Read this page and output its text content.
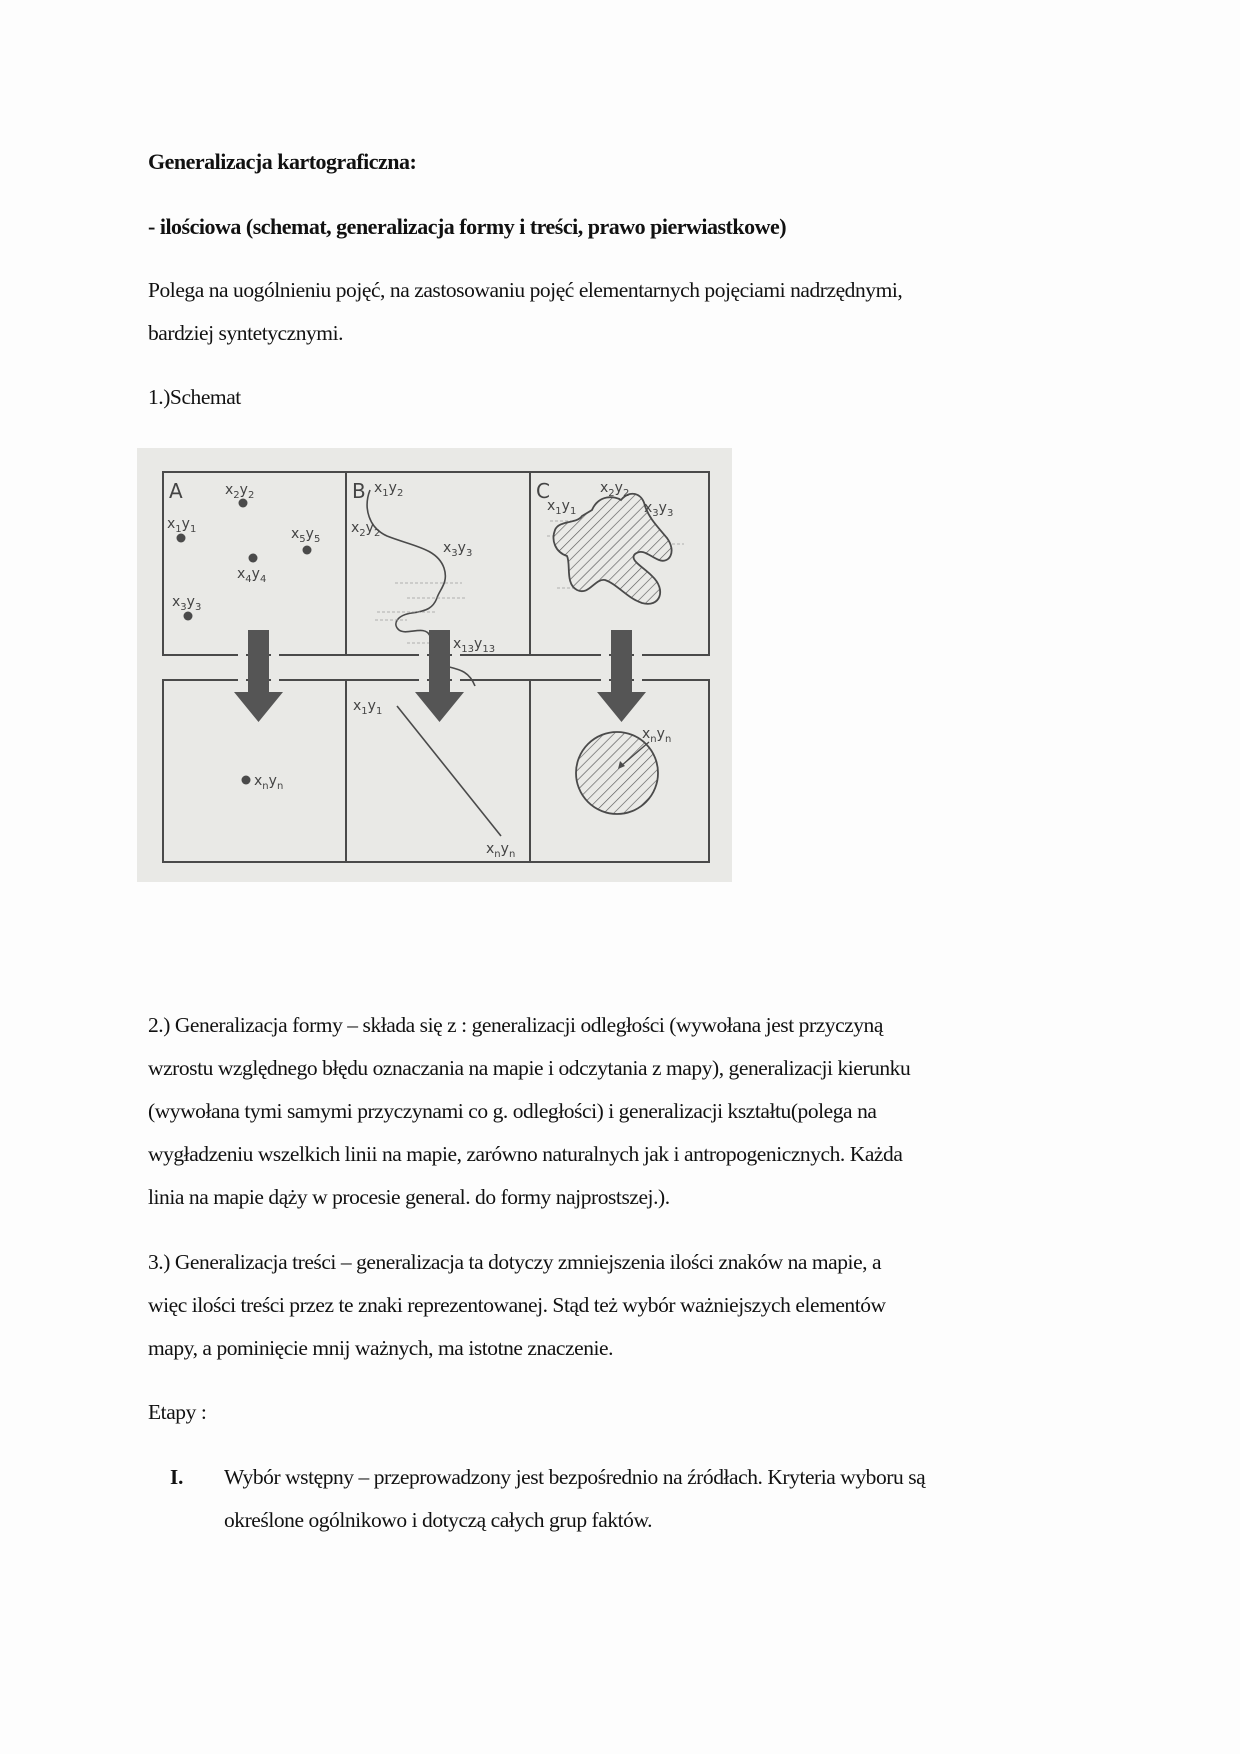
Generalizacja kartograficzna:
- ilościowa (schemat, generalizacja formy i treści, prawo pierwiastkowe)
Polega na uogólnieniu pojęć, na zastosowaniu pojęć elementarnych pojęciami nadrzędnymi,
bardziej syntetycznymi.
1.)Schemat
A	B	C
$x_1y_1$
$x_2y_2$
$x_3y_3$
$x_4y_4$
$x_5y_5$
$x_1y_2$
$x_2y_2$
$x_3y_3$
$x_{13}y_{13}$
$x_1y_1$
$x_2y_2$
$x_3y_3$
$x_ny_n$
$x_1y_1$
$x_ny_n$
$x_ny_n$
2.) Generalizacja formy – składa się z : generalizacji odległości (wywołana jest przyczyną
wzrostu względnego błędu oznaczania na mapie i odczytania z mapy), generalizacji kierunku
(wywołana tymi samymi przyczynami co g. odległości) i generalizacji kształtu(polega na
wygładzeniu wszelkich linii na mapie, zarówno naturalnych jak i antropogenicznych. Każda
linia na mapie dąży w procesie general. do formy najprostszej.).
3.) Generalizacja treści – generalizacja ta dotyczy zmniejszenia ilości znaków na mapie, a
więc ilości treści przez te znaki reprezentowanej. Stąd też wybór ważniejszych elementów
mapy, a pominięcie mnij ważnych, ma istotne znaczenie.
Etapy :
I. Wybór wstępny – przeprowadzony jest bezpośrednio na źródłach. Kryteria wyboru są
określone ogólnikowo i dotyczą całych grup faktów.
